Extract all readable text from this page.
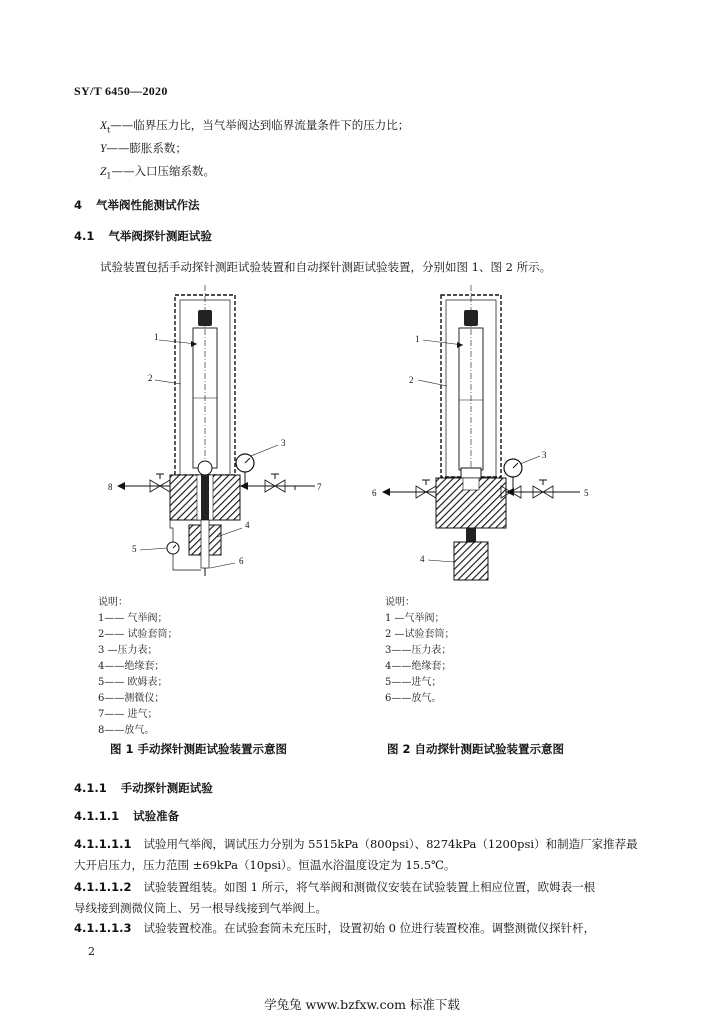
SY/T 6450—2020
$X_t——$临界压力比，当气举阀达到临界流量条件下的压力比；
Y——膨胀系数；
$Z_1——$入口压缩系数。
4 气举阀性能测试作法
4.1 气举阀探针测距试验
试验装置包括手动探针测距试验装置和自动探针测距试验装置，分别如图 1、图 2 所示。
1
2
3
4
5
6
7
8
1
2
3
4
5
6
说明：
1—— 气举阀；
2—— 试验套筒；
3 —压力表；
4——绝缘套；
5—— 欧姆表；
6——测微仪；
7—— 进气；
8——放气。
说明：
1 —气举阀；
2 —试验套筒；
3——压力表；
4——绝缘套；
5——进气；
6——放气。
图 1 手动探针测距试验装置示意图	图 2 自动探针测距试验装置示意图
4.1.1 手动探针测距试验
4.1.1.1 试验准备
4.1.1.1.1 试验用气举阀，调试压力分别为 5515kPa（800psi）、8274kPa（1200psi）和制造厂家推荐最
大开启压力，压力范围 ±69kPa（10psi）。恒温水浴温度设定为 15.5℃。
4.1.1.1.2 试验装置组装。如图 1 所示，将气举阀和测微仪安装在试验装置上相应位置，欧姆表一根
导线接到测微仪筒上、另一根导线接到气举阀上。
4.1.1.1.3 试验装置校准。在试验套筒未充压时，设置初始 0 位进行装置校准。调整测微仪探针杆，
2
学兔兔 www.bzfxw.com 标准下载
